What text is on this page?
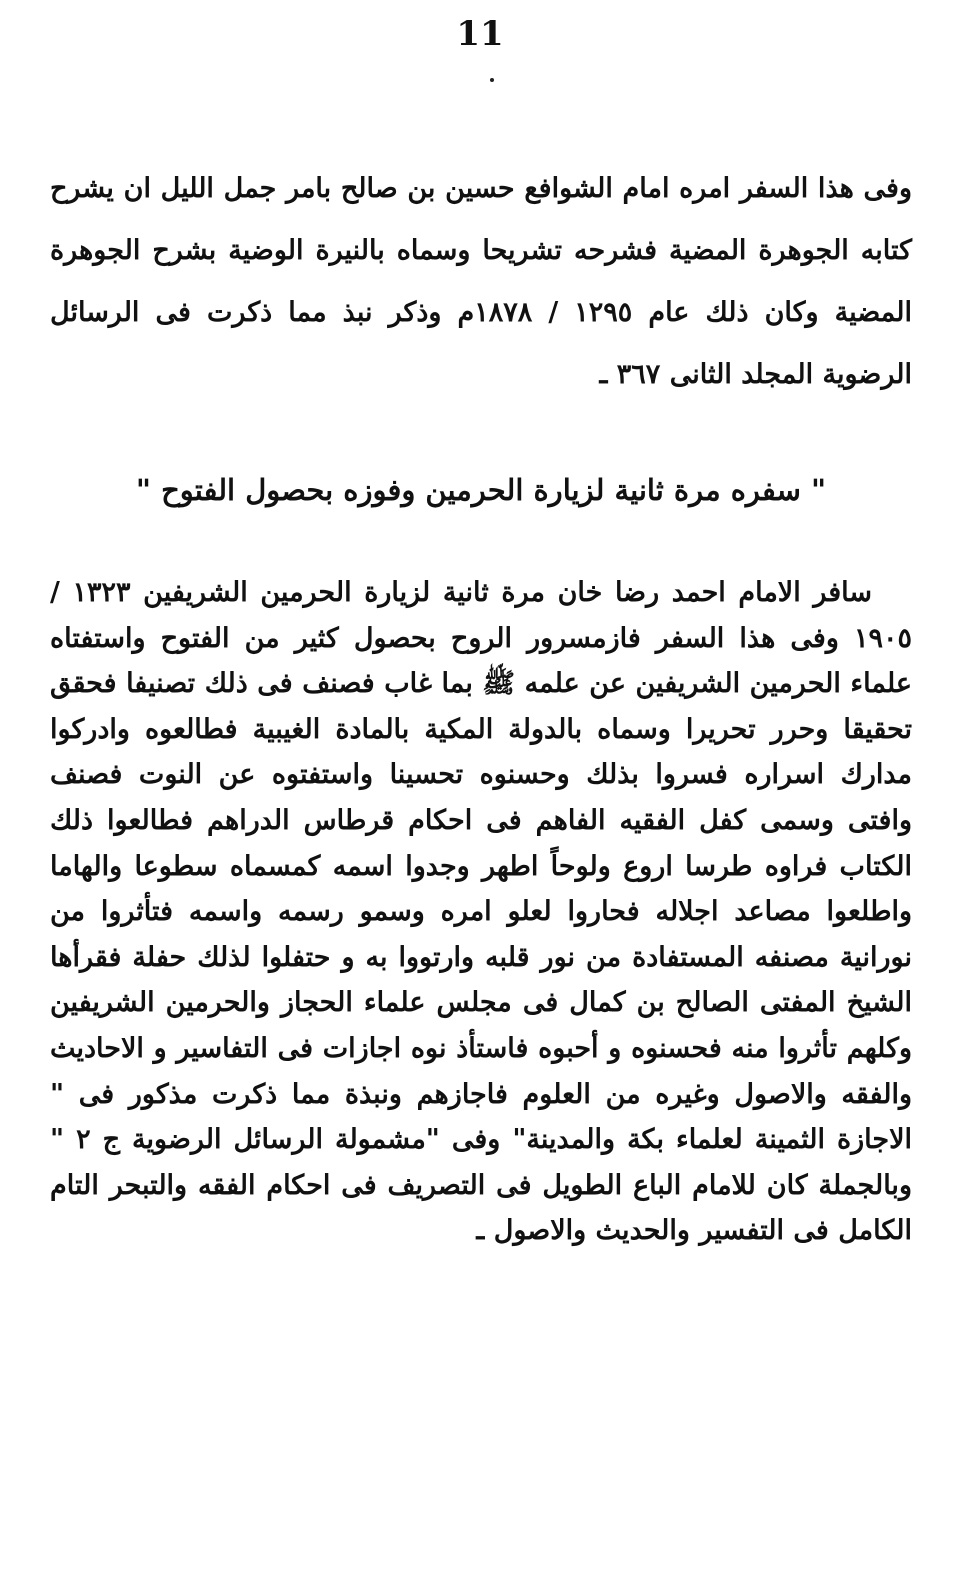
11

وفى هذا السفر امره امام الشوافع حسين بن صالح بامر جمل الليل ان يشرح كتابه الجوهرة المضية فشرحه تشريحا وسماه بالنيرة الوضية بشرح الجوهرة المضية وكان ذلك عام ١٢٩٥ / ١٨٧٨م وذكر نبذ مما ذكرت فى الرسائل الرضوية المجلد الثانى ٣٦٧ ـ

" سفره مرة ثانية لزيارة الحرمين وفوزه بحصول الفتوح "

سافر الامام احمد رضا خان مرة ثانية لزيارة الحرمين الشريفين ١٣٢٣ / ١٩٠٥ وفى هذا السفر فازمسرور الروح بحصول كثير من الفتوح واستفتاه علماء الحرمين الشريفين عن علمه ﷺ بما غاب فصنف فى ذلك تصنيفا فحقق تحقيقا وحرر تحريرا وسماه بالدولة المكية بالمادة الغيبية فطالعوه وادركوا مدارك اسراره فسروا بذلك وحسنوه تحسينا واستفتوه عن النوت فصنف وافتى وسمى كفل الفقيه الفاهم فى احكام قرطاس الدراهم فطالعوا ذلك الكتاب فراوه طرسا اروع ولوحاً اطهر وجدوا اسمه كمسماه سطوعا والهاما واطلعوا مصاعد اجلاله فحاروا لعلو امره وسمو رسمه واسمه فتأثروا من نورانية مصنفه المستفادة من نور قلبه وارتووا به و حتفلوا لذلك حفلة فقرأها الشيخ المفتى الصالح بن كمال فى مجلس علماء الحجاز والحرمين الشريفين وكلهم تأثروا منه فحسنوه و أحبوه فاستأذ نوه اجازات فى التفاسير و الاحاديث والفقه والاصول وغيره من العلوم فاجازهم ونبذة مما ذكرت مذكور فى " الاجازة الثمينة لعلماء بكة والمدينة" وفى "مشمولة الرسائل الرضوية ج ٢ " وبالجملة كان للامام الباع الطويل فى التصريف فى احكام الفقه والتبحر التام الكامل فى التفسير والحديث والاصول ـ
